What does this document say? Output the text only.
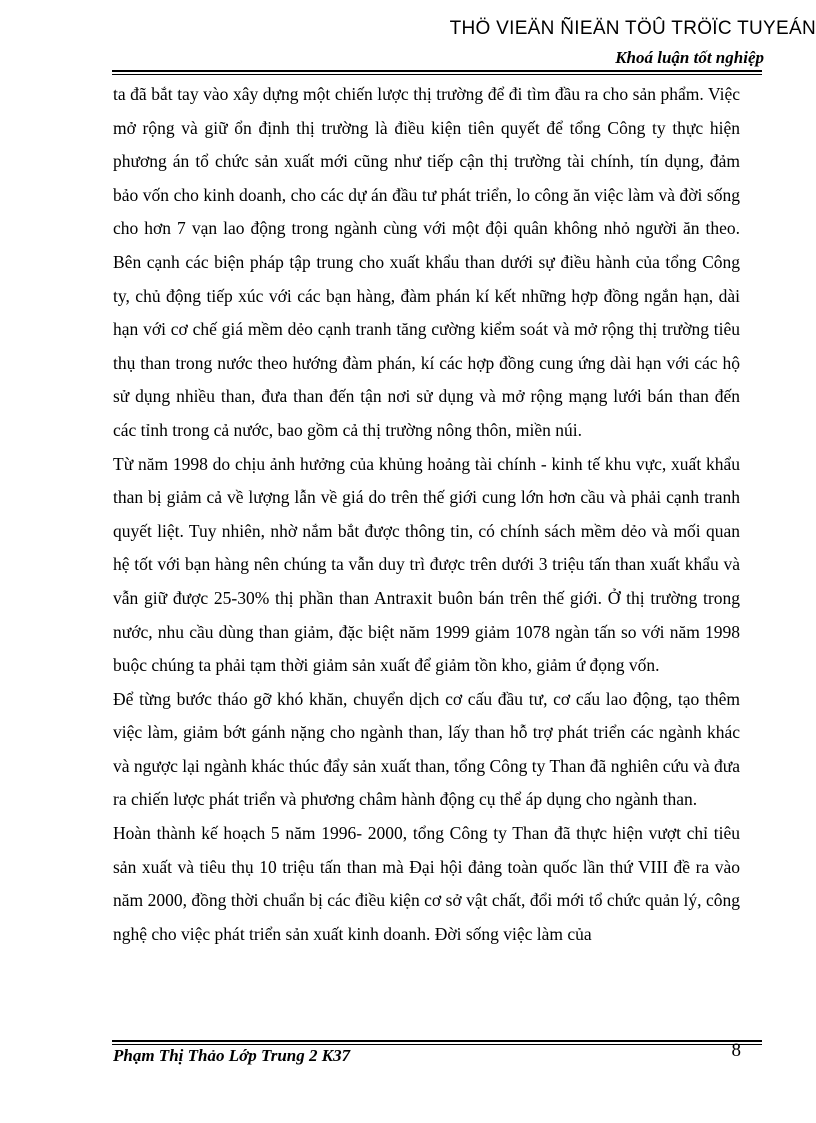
THÖ VIEÄN ÑIEÄN TÖÛ TRÖÏC TUYEÁN

Khoá luận tốt nghiệp

ta đã bắt tay vào xây dựng một chiến lược thị trường để đi tìm đầu ra cho sản phẩm. Việc mở rộng và giữ ổn định thị trường là điều kiện tiên quyết để tổng Công ty thực hiện phương án tổ chức sản xuất mới cũng như tiếp cận thị trường tài chính, tín dụng, đảm bảo vốn cho kinh doanh, cho các dự án đầu tư phát triển, lo công ăn việc làm và đời sống cho hơn 7 vạn lao động trong ngành cùng với một đội quân không nhỏ người ăn theo. Bên cạnh các biện pháp tập trung cho xuất khẩu than dưới sự điều hành của tổng Công ty, chủ động tiếp xúc với các bạn hàng, đàm phán kí kết những hợp đồng ngắn hạn, dài hạn với cơ chế giá mềm dẻo cạnh tranh tăng cường kiểm soát và mở rộng thị trường tiêu thụ than trong nước theo hướng đàm phán, kí các hợp đồng cung ứng dài hạn với các hộ sử dụng nhiều than, đưa than đến tận nơi sử dụng và mở rộng mạng lưới bán than đến các tỉnh trong cả nước, bao gồm cả thị trường nông thôn, miền núi.

Từ năm 1998 do chịu ảnh hưởng của khủng hoảng tài chính - kinh tế khu vực, xuất khẩu than bị giảm cả về lượng lẫn về giá do trên thế giới cung lớn hơn cầu và phải cạnh tranh quyết liệt. Tuy nhiên, nhờ nắm bắt được thông tin, có chính sách mềm dẻo và mối quan hệ tốt với bạn hàng nên chúng ta vẫn duy trì được trên dưới 3 triệu tấn than xuất khẩu và vẫn giữ được 25-30% thị phần than Antraxit buôn bán trên thế giới. Ở thị trường trong nước, nhu cầu dùng than giảm, đặc biệt năm 1999 giảm 1078 ngàn tấn so với năm 1998 buộc chúng ta phải tạm thời giảm sản xuất để giảm tồn kho, giảm ứ đọng vốn.

Để từng bước tháo gỡ khó khăn, chuyển dịch cơ cấu đầu tư, cơ cấu lao động, tạo thêm việc làm, giảm bớt gánh nặng cho ngành than, lấy than hỗ trợ phát triển các ngành khác và ngược lại ngành khác thúc đẩy sản xuất than, tổng Công ty Than đã nghiên cứu và đưa ra chiến lược phát triển và phương châm hành động cụ thể áp dụng cho ngành than.

Hoàn thành kế hoạch 5 năm 1996- 2000, tổng Công ty Than đã thực hiện vượt chỉ tiêu sản xuất và tiêu thụ 10 triệu tấn than mà Đại hội đảng toàn quốc lần thứ VIII đề ra vào năm 2000, đồng thời chuẩn bị các điều kiện cơ sở vật chất, đổi mới tổ chức quản lý, công nghệ cho việc phát triển sản xuất kinh doanh. Đời sống việc làm của

Phạm Thị Thảo Lớp Trung 2 K37	8
